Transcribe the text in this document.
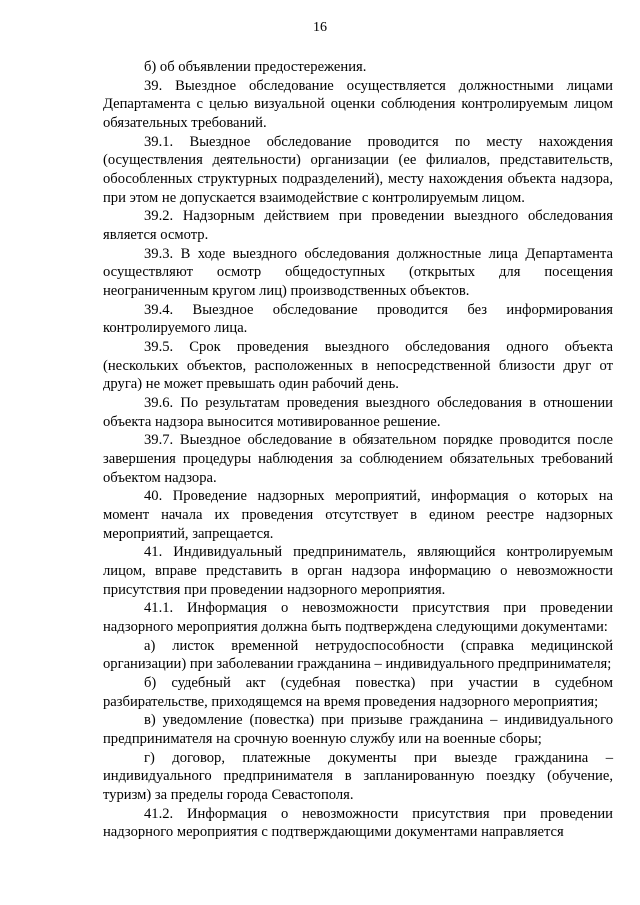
16

б) об объявлении предостережения.

39. Выездное обследование осуществляется должностными лицами Департамента с целью визуальной оценки соблюдения контролируемым лицом обязательных требований.

39.1. Выездное обследование проводится по месту нахождения (осуществления деятельности) организации (ее филиалов, представительств, обособленных структурных подразделений), месту нахождения объекта надзора, при этом не допускается взаимодействие с контролируемым лицом.

39.2. Надзорным действием при проведении выездного обследования является осмотр.

39.3. В ходе выездного обследования должностные лица Департамента осуществляют осмотр общедоступных (открытых для посещения неограниченным кругом лиц) производственных объектов.

39.4. Выездное обследование проводится без информирования контролируемого лица.

39.5. Срок проведения выездного обследования одного объекта (нескольких объектов, расположенных в непосредственной близости друг от друга) не может превышать один рабочий день.

39.6. По результатам проведения выездного обследования в отношении объекта надзора выносится мотивированное решение.

39.7. Выездное обследование в обязательном порядке проводится после завершения процедуры наблюдения за соблюдением обязательных требований объектом надзора.

40. Проведение надзорных мероприятий, информация о которых на момент начала их проведения отсутствует в едином реестре надзорных мероприятий, запрещается.

41. Индивидуальный предприниматель, являющийся контролируемым лицом, вправе представить в орган надзора информацию о невозможности присутствия при проведении надзорного мероприятия.

41.1. Информация о невозможности присутствия при проведении надзорного мероприятия должна быть подтверждена следующими документами:

а) листок временной нетрудоспособности (справка медицинской организации) при заболевании гражданина – индивидуального предпринимателя;

б) судебный акт (судебная повестка) при участии в судебном разбирательстве, приходящемся на время проведения надзорного мероприятия;

в) уведомление (повестка) при призыве гражданина – индивидуального предпринимателя на срочную военную службу или на военные сборы;

г) договор, платежные документы при выезде гражданина – индивидуального предпринимателя в запланированную поездку (обучение, туризм) за пределы города Севастополя.

41.2. Информация о невозможности присутствия при проведении надзорного мероприятия с подтверждающими документами направляется
